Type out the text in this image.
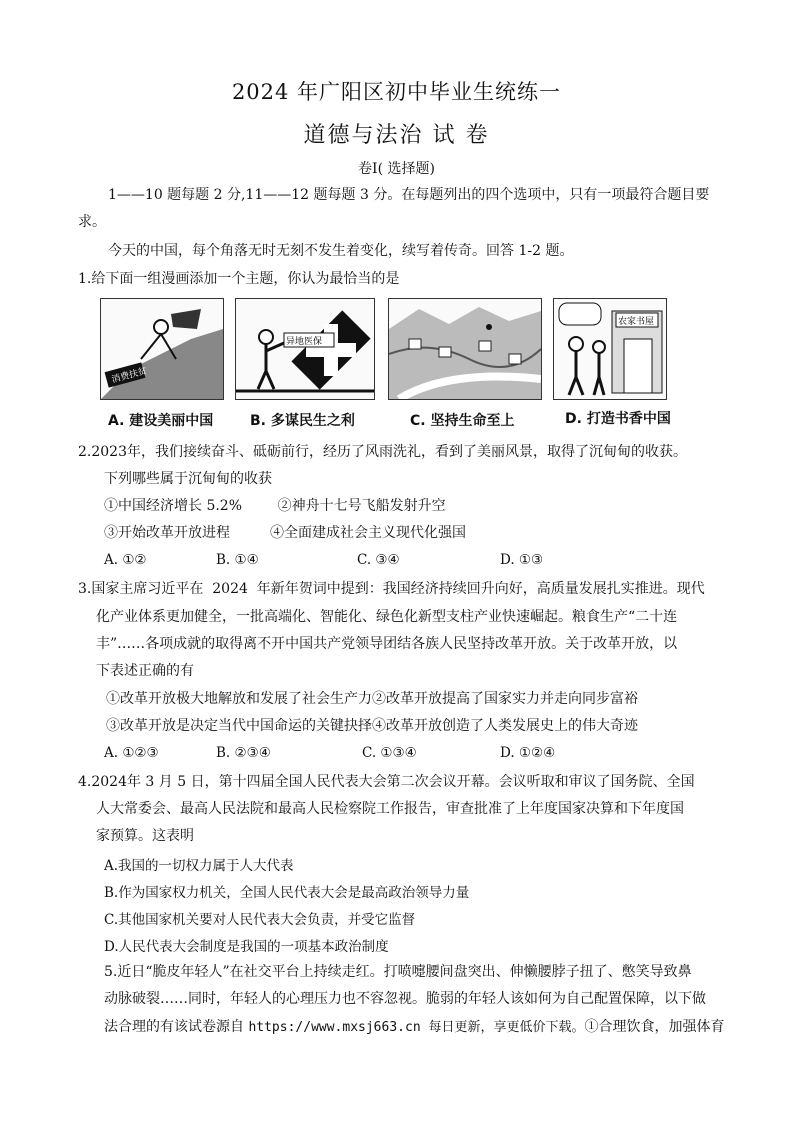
2024 年广阳区初中毕业生统练一
道德与法治 试 卷
卷Ⅰ( 选择题)
1——10 题每题 2 分,11——12 题每题 3 分。在每题列出的四个选项中，只有一项最符合题目要
求。
今天的中国，每个角落无时无刻不发生着变化，续写着传奇。回答 1-2 题。
1.给下面一组漫画添加一个主题，你认为最恰当的是
消费扶贫
异地医保
农家书屋
A. 建设美丽中国	B. 多谋民生之利	C. 坚持生命至上	D. 打造书香中国
2.2023年，我们接续奋斗、砥砺前行，经历了风雨洗礼，看到了美丽风景，取得了沉甸甸的收获。
下列哪些属于沉甸甸的收获
①中国经济增长 5.2%        ②神舟十七号飞船发射升空
③开始改革开放进程         ④全面建成社会主义现代化强国
A. ①②	B. ①④	C. ③④	D. ①③
3.国家主席习近平在  2024  年新年贺词中提到：我国经济持续回升向好，高质量发展扎实推进。现代
化产业体系更加健全，一批高端化、智能化、绿色化新型支柱产业快速崛起。粮食生产“二十连
丰”……各项成就的取得离不开中国共产党领导团结各族人民坚持改革开放。关于改革开放，以
下表述正确的有
①改革开放极大地解放和发展了社会生产力②改革开放提高了国家实力并走向同步富裕
③改革开放是决定当代中国命运的关键抉择④改革开放创造了人类发展史上的伟大奇迹
A. ①②③	B. ②③④	C. ①③④	D. ①②④
4.2024年 3 月 5 日，第十四届全国人民代表大会第二次会议开幕。会议听取和审议了国务院、全国
人大常委会、最高人民法院和最高人民检察院工作报告，审查批准了上年度国家决算和下年度国
家预算。这表明
A.我国的一切权力属于人大代表
B.作为国家权力机关，全国人民代表大会是最高政治领导力量
C.其他国家机关要对人民代表大会负责，并受它监督
D.人民代表大会制度是我国的一项基本政治制度
5.近日“脆皮年轻人”在社交平台上持续走红。打喷嚏腰间盘突出、伸懒腰脖子扭了、憋笑导致鼻
动脉破裂……同时，年轻人的心理压力也不容忽视。脆弱的年轻人该如何为自己配置保障，以下做
法合理的有该试卷源自 https://www.mxsj663.cn 每日更新，享更低价下载。①合理饮食，加强体育
